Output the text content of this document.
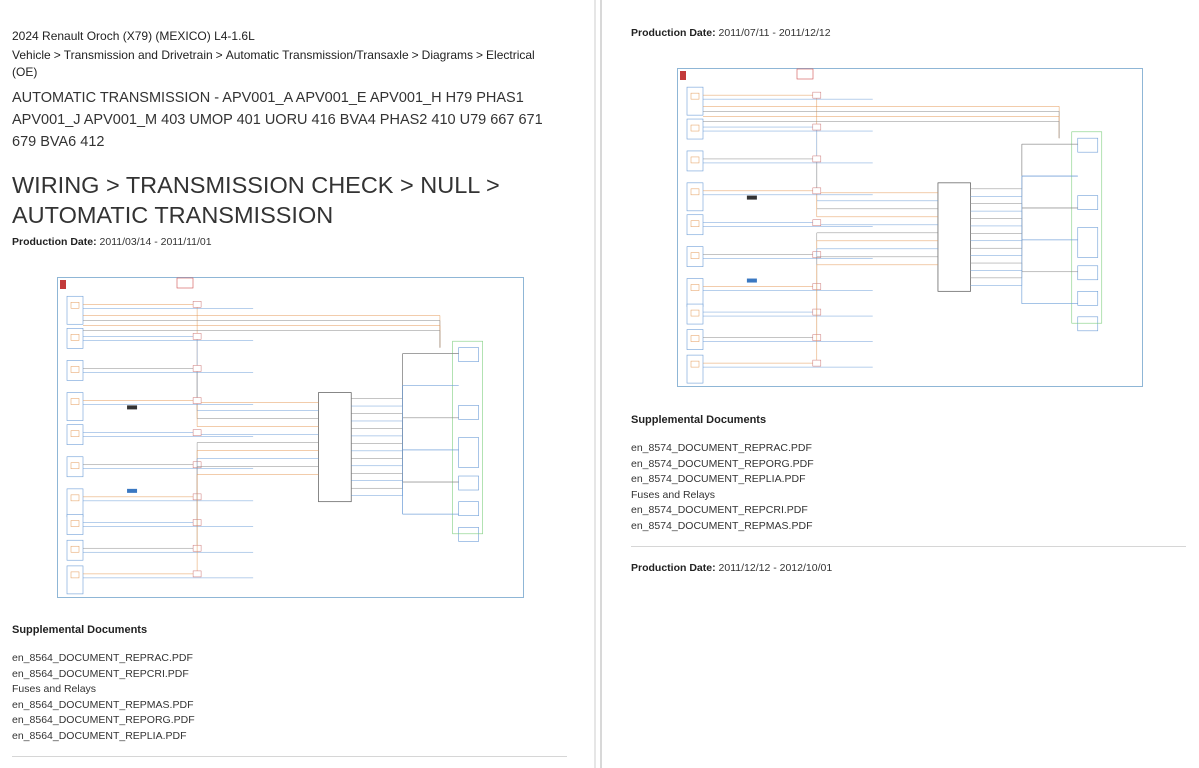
2024 Renault Oroch (X79) (MEXICO) L4-1.6L
Vehicle > Transmission and Drivetrain > Automatic Transmission/Transaxle > Diagrams > Electrical (OE)
AUTOMATIC TRANSMISSION - APV001_A APV001_E APV001_H H79 PHAS1 APV001_J APV001_M 403 UMOP 401 UORU 416 BVA4 PHAS2 410 U79 667 671 679 BVA6 412
WIRING > TRANSMISSION CHECK > NULL > AUTOMATIC TRANSMISSION
Production Date: 2011/03/14 - 2011/11/01
Supplemental Documents
en_8564_DOCUMENT_REPRAC.PDF
en_8564_DOCUMENT_REPCRI.PDF
Fuses and Relays
en_8564_DOCUMENT_REPMAS.PDF
en_8564_DOCUMENT_REPORG.PDF
en_8564_DOCUMENT_REPLIA.PDF
Production Date: 2011/07/11 - 2011/12/12
Supplemental Documents
en_8574_DOCUMENT_REPRAC.PDF
en_8574_DOCUMENT_REPORG.PDF
en_8574_DOCUMENT_REPLIA.PDF
Fuses and Relays
en_8574_DOCUMENT_REPCRI.PDF
en_8574_DOCUMENT_REPMAS.PDF
Production Date: 2011/12/12 - 2012/10/01
